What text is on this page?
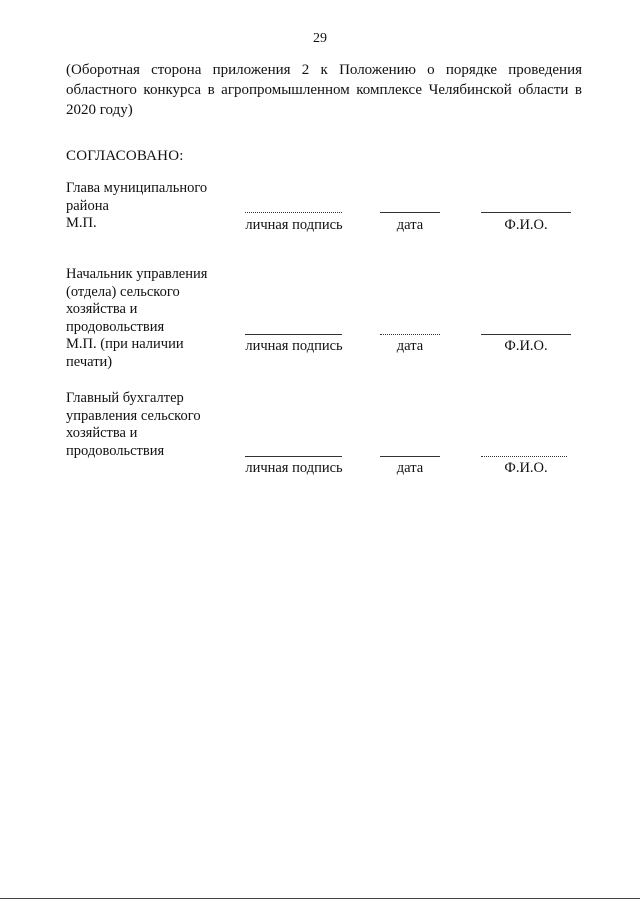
29
(Оборотная сторона приложения 2 к Положению о порядке проведения областного конкурса в агропромышленном комплексе Челябинской области в 2020 году)
СОГЛАСОВАНО:
Глава муниципального
района
М.П.	личная подпись	дата	Ф.И.О.
Начальник управления
(отдела) сельского
хозяйства и
продовольствия
М.П. (при наличии
печати)
личная подпись	дата	Ф.И.О.
Главный бухгалтер
управления сельского
хозяйства и
продовольствия
личная подпись	дата	Ф.И.О.
